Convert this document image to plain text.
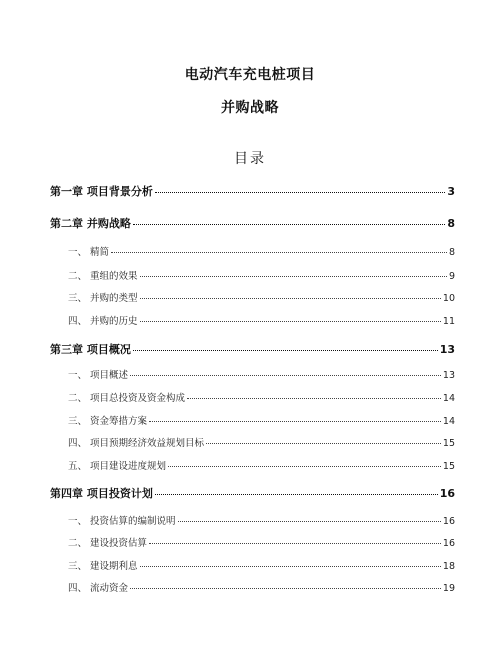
电动汽车充电桩项目
并购战略
目录
第一章 项目背景分析	3
第二章 并购战略	8
一、 精简	8
二、 重组的效果	9
三、 并购的类型	10
四、 并购的历史	11
第三章 项目概况	13
一、 项目概述	13
二、 项目总投资及资金构成	14
三、 资金筹措方案	14
四、 项目预期经济效益规划目标	15
五、 项目建设进度规划	15
第四章 项目投资计划	16
一、 投资估算的编制说明	16
二、 建设投资估算	16
三、 建设期利息	18
四、 流动资金	19
